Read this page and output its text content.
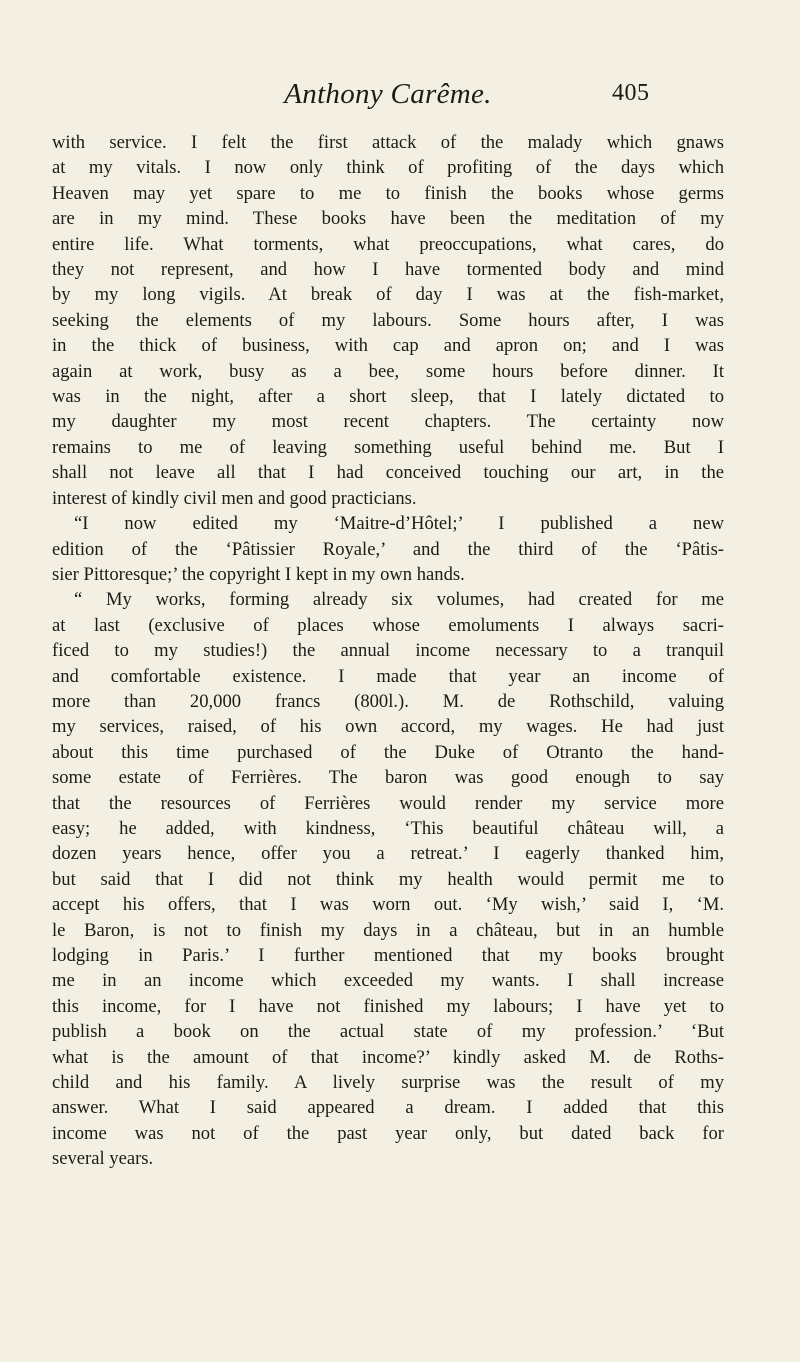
Anthony Carême.	405
with service. I felt the first attack of the malady which gnaws
at my vitals. I now only think of profiting of the days which
Heaven may yet spare to me to finish the books whose germs
are in my mind. These books have been the meditation of my
entire life. What torments, what preoccupations, what cares, do
they not represent, and how I have tormented body and mind
by my long vigils. At break of day I was at the fish-market,
seeking the elements of my labours. Some hours after, I was
in the thick of business, with cap and apron on; and I was
again at work, busy as a bee, some hours before dinner. It
was in the night, after a short sleep, that I lately dictated to
my daughter my most recent chapters. The certainty now
remains to me of leaving something useful behind me. But I
shall not leave all that I had conceived touching our art, in the
interest of kindly civil men and good practicians.
“I now edited my ‘Maitre-d’Hôtel;’ I published a new
edition of the ‘Pâtissier Royale,’ and the third of the ‘Pâtis-
sier Pittoresque;’ the copyright I kept in my own hands.
“ My works, forming already six volumes, had created for me
at last (exclusive of places whose emoluments I always sacri-
ficed to my studies!) the annual income necessary to a tranquil
and comfortable existence. I made that year an income of
more than 20,000 francs (800l.). M. de Rothschild, valuing
my services, raised, of his own accord, my wages. He had just
about this time purchased of the Duke of Otranto the hand-
some estate of Ferrières. The baron was good enough to say
that the resources of Ferrières would render my service more
easy; he added, with kindness, ‘This beautiful château will, a
dozen years hence, offer you a retreat.’ I eagerly thanked him,
but said that I did not think my health would permit me to
accept his offers, that I was worn out. ‘My wish,’ said I, ‘M.
le Baron, is not to finish my days in a château, but in an humble
lodging in Paris.’ I further mentioned that my books brought
me in an income which exceeded my wants. I shall increase
this income, for I have not finished my labours; I have yet to
publish a book on the actual state of my profession.’ ‘But
what is the amount of that income?’ kindly asked M. de Roths-
child and his family. A lively surprise was the result of my
answer. What I said appeared a dream. I added that this
income was not of the past year only, but dated back for
several years.
